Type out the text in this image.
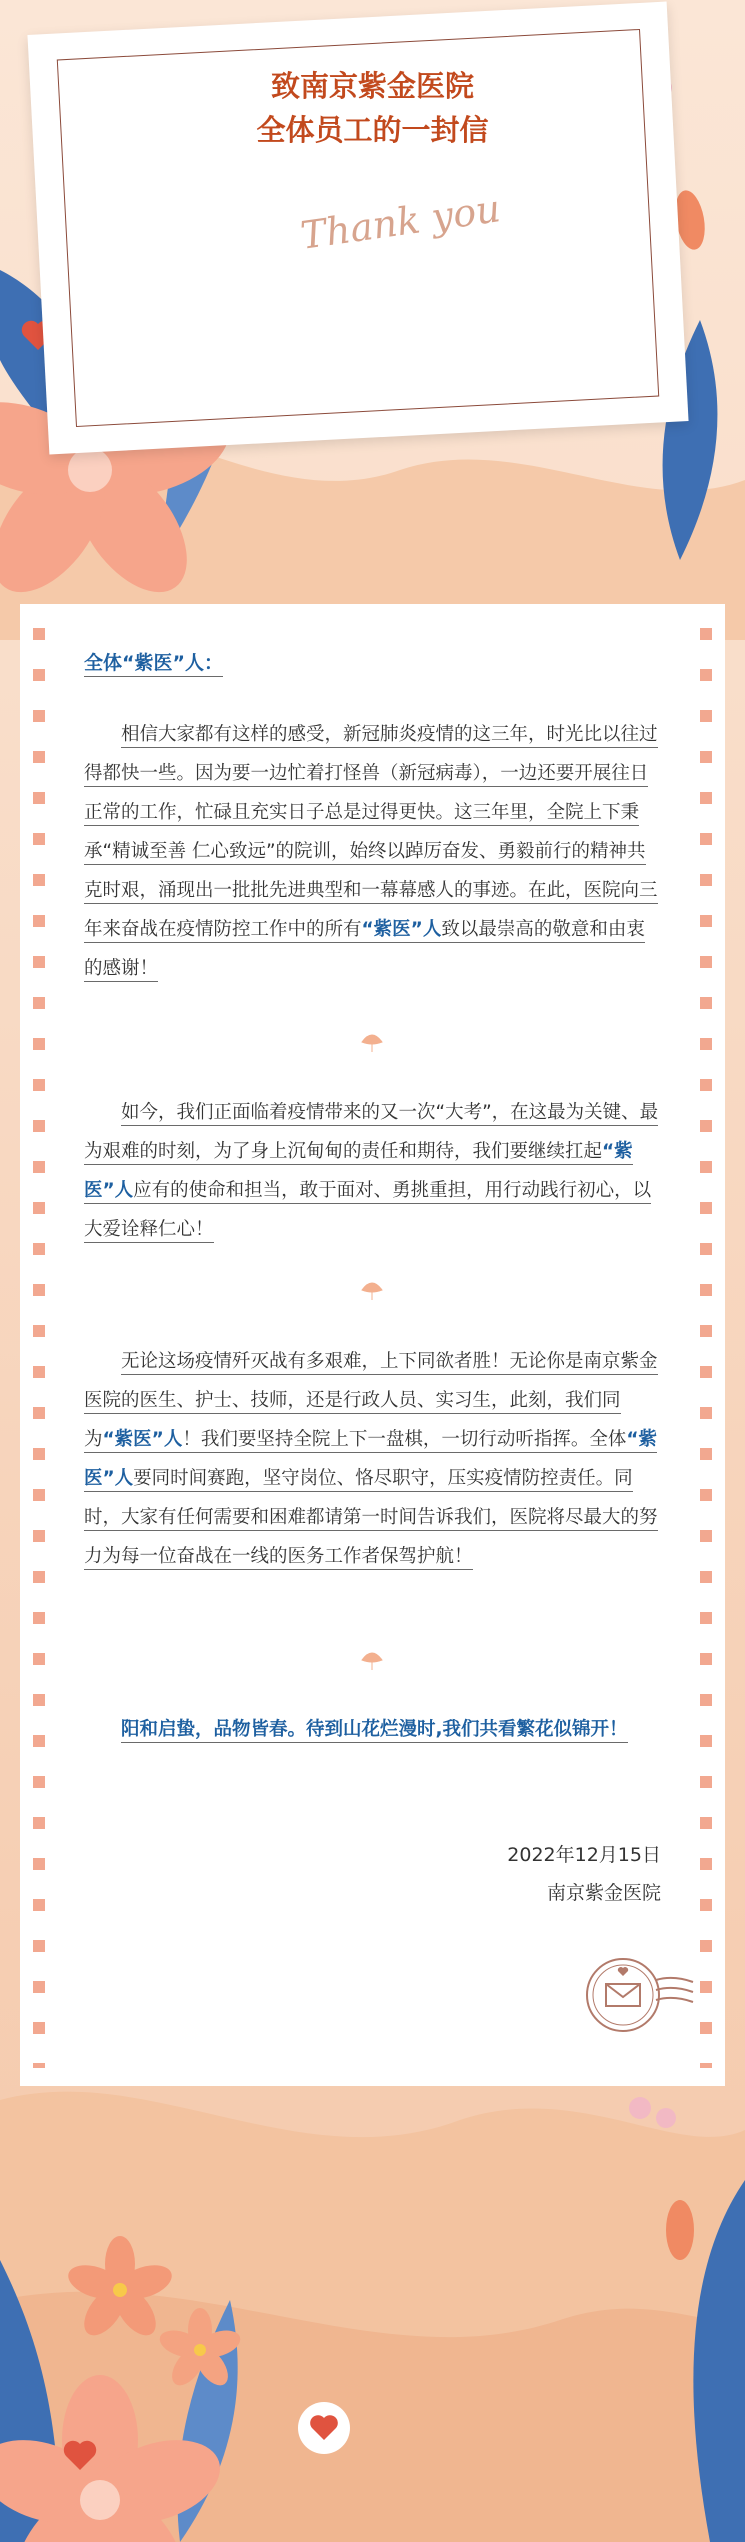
致南京紫金医院
全体员工的一封信
Thank you
全体“紫医”人：
相信大家都有这样的感受，新冠肺炎疫情的这三年，时光比以往过得都快一些。因为要一边忙着打怪兽（新冠病毒），一边还要开展往日正常的工作，忙碌且充实日子总是过得更快。这三年里，全院上下秉承“精诚至善 仁心致远”的院训，始终以踔厉奋发、勇毅前行的精神共克时艰，涌现出一批批先进典型和一幕幕感人的事迹。在此，医院向三年来奋战在疫情防控工作中的所有“紫医”人致以最崇高的敬意和由衷的感谢！
如今，我们正面临着疫情带来的又一次“大考”，在这最为关键、最为艰难的时刻，为了身上沉甸甸的责任和期待，我们要继续扛起“紫医”人应有的使命和担当，敢于面对、勇挑重担，用行动践行初心，以大爱诠释仁心！
无论这场疫情歼灭战有多艰难，上下同欲者胜！无论你是南京紫金医院的医生、护士、技师，还是行政人员、实习生，此刻，我们同为“紫医”人！我们要坚持全院上下一盘棋，一切行动听指挥。全体“紫医”人要同时间赛跑，坚守岗位、恪尽职守，压实疫情防控责任。同时，大家有任何需要和困难都请第一时间告诉我们，医院将尽最大的努力为每一位奋战在一线的医务工作者保驾护航！
阳和启蛰，品物皆春。待到山花烂漫时,我们共看繁花似锦开！
2022年12月15日
南京紫金医院
